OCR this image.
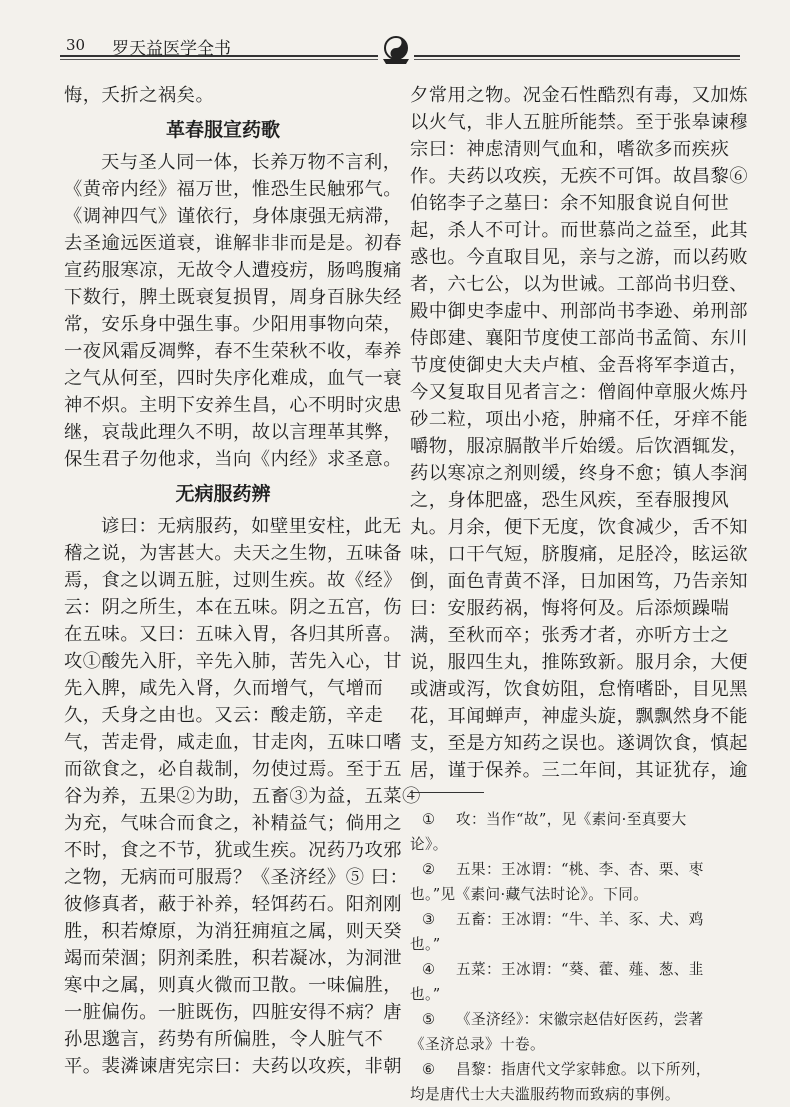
30 罗天益医学全书
悔，夭折之祸矣。
革春服宣药歌
天与圣人同一体，长养万物不言利，
《黄帝内经》福万世，惟恐生民触邪气。
《调神四气》谨依行，身体康强无病滞，
去圣逾远医道衰，谁解非非而是是。初春
宣药服寒凉，无故令人遭疫疠，肠鸣腹痛
下数行，脾土既衰复损胃，周身百脉失经
常，安乐身中强生事。少阳用事物向荣，
一夜风霜反凋弊，春不生荣秋不收，奉养
之气从何至，四时失序化难成，血气一衰
神不炽。主明下安养生昌，心不明时灾患
继，哀哉此理久不明，故以言理革其弊，
保生君子勿他求，当向《内经》求圣意。
无病服药辨
谚曰：无病服药，如壁里安柱，此无
稽之说，为害甚大。夫天之生物，五味备
焉，食之以调五脏，过则生疾。故《经》
云：阴之所生，本在五味。阴之五宫，伤
在五味。又曰：五味入胃，各归其所喜。
攻①酸先入肝，辛先入肺，苦先入心，甘
先入脾，咸先入肾，久而增气，气增而
久，夭身之由也。又云：酸走筋，辛走
气，苦走骨，咸走血，甘走肉，五味口嗜
而欲食之，必自裁制，勿使过焉。至于五
谷为养，五果②为助，五畜③为益，五菜④
为充，气味合而食之，补精益气；倘用之
不时，食之不节，犹或生疾。况药乃攻邪
之物，无病而可服焉？《圣济经》⑤ 曰：
彼修真者，蔽于补养，轻饵药石。阳剂刚
胜，积若燎原，为消狂痈疽之属，则天癸
竭而荣涸；阴剂柔胜，积若凝冰，为洞泄
寒中之属，则真火微而卫散。一味偏胜，
一脏偏伤。一脏既伤，四脏安得不病？唐
孙思邈言，药势有所偏胜，令人脏气不
平。裴潾谏唐宪宗曰：夫药以攻疾，非朝
夕常用之物。况金石性酷烈有毒，又加炼
以火气，非人五脏所能禁。至于张皋谏穆
宗曰：神虑清则气血和，嗜欲多而疾疢
作。夫药以攻疾，无疾不可饵。故昌黎⑥
伯铭李子之墓曰：余不知服食说自何世
起，杀人不可计。而世慕尚之益至，此其
惑也。今直取目见，亲与之游，而以药败
者，六七公，以为世诫。工部尚书归登、
殿中御史李虚中、刑部尚书李逊、弟刑部
侍郎建、襄阳节度使工部尚书孟简、东川
节度使御史大夫卢植、金吾将军李道古，
今又复取目见者言之：僧阎仲章服火炼丹
砂二粒，项出小疮，肿痛不任，牙痒不能
嚼物，服凉膈散半斤始缓。后饮酒辄发，
药以寒凉之剂则缓，终身不愈；镇人李润
之，身体肥盛，恐生风疾，至春服搜风
丸。月余，便下无度，饮食减少，舌不知
味，口干气短，脐腹痛，足胫冷，眩运欲
倒，面色青黄不泽，日加困笃，乃告亲知
曰：安服药祸，悔将何及。后添烦躁喘
满，至秋而卒；张秀才者，亦听方士之
说，服四生丸，推陈致新。服月余，大便
或溏或泻，饮食妨阻，怠惰嗜卧，目见黑
花，耳闻蝉声，神虚头旋，飘飘然身不能
支，至是方知药之误也。遂调饮食，慎起
居，谨于保养。三二年间，其证犹存，逾
① 攻：当作“故”，见《素问·至真要大
论》。
② 五果：王冰谓：“桃、李、杏、栗、枣
也。”见《素问·藏气法时论》。下同。
③ 五畜：王冰谓：“牛、羊、豕、犬、鸡
也。”
④ 五菜：王冰谓：“葵、藿、薤、葱、韭
也。”
⑤ 《圣济经》：宋徽宗赵佶好医药，尝著
《圣济总录》十卷。
⑥ 昌黎：指唐代文学家韩愈。以下所列，
均是唐代士大夫滥服药物而致病的事例。
